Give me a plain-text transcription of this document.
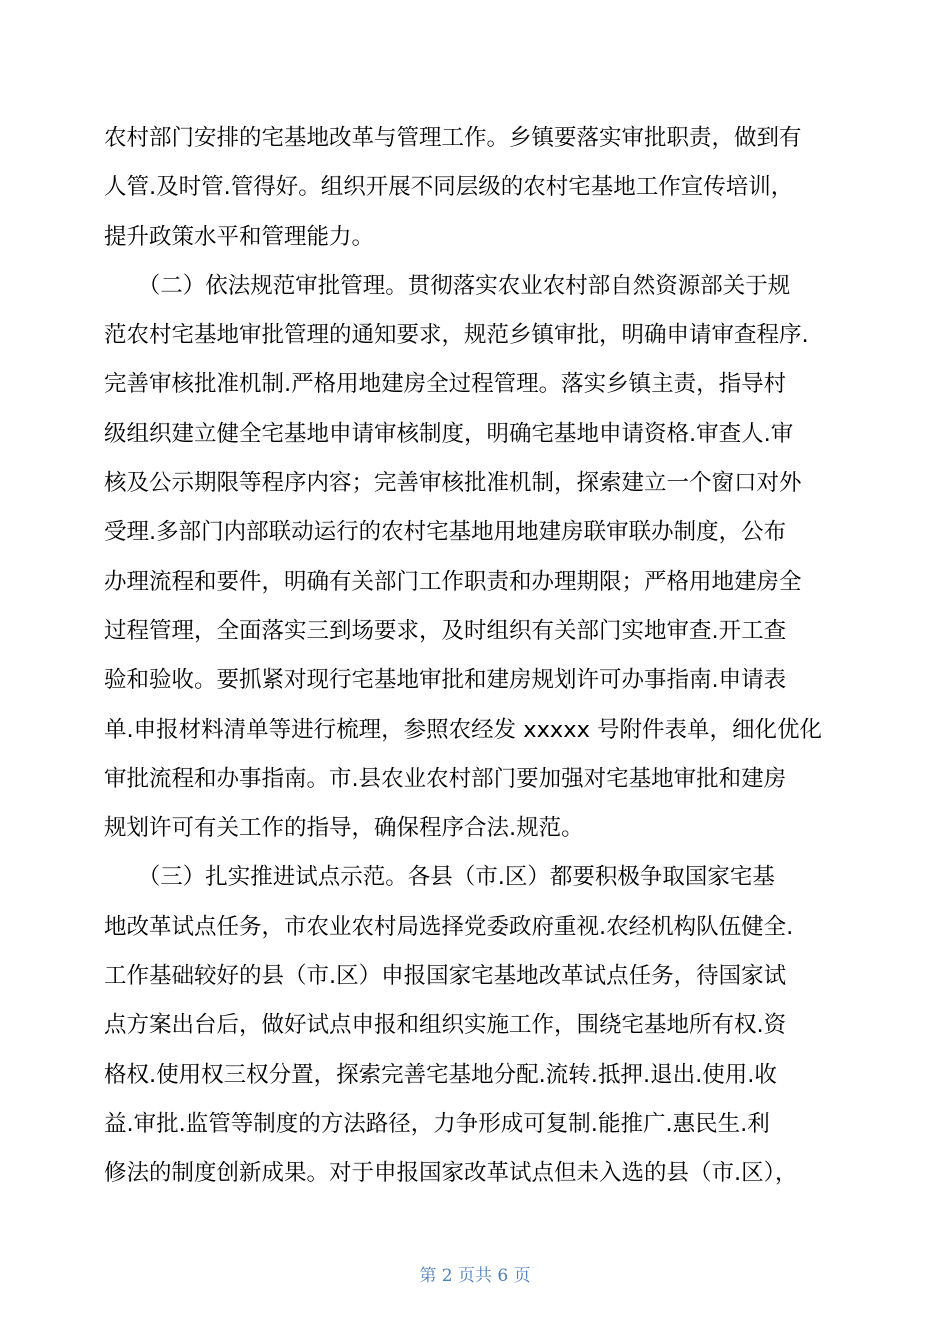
农村部门安排的宅基地改革与管理工作。乡镇要落实审批职责，做到有
人管.及时管.管得好。组织开展不同层级的农村宅基地工作宣传培训，
提升政策水平和管理能力。
　　（二）依法规范审批管理。贯彻落实农业农村部自然资源部关于规
范农村宅基地审批管理的通知要求，规范乡镇审批，明确申请审查程序.
完善审核批准机制.严格用地建房全过程管理。落实乡镇主责，指导村
级组织建立健全宅基地申请审核制度，明确宅基地申请资格.审查人.审
核及公示期限等程序内容；完善审核批准机制，探索建立一个窗口对外
受理.多部门内部联动运行的农村宅基地用地建房联审联办制度，公布
办理流程和要件，明确有关部门工作职责和办理期限；严格用地建房全
过程管理，全面落实三到场要求，及时组织有关部门实地审查.开工查
验和验收。要抓紧对现行宅基地审批和建房规划许可办事指南.申请表
单.申报材料清单等进行梳理，参照农经发 xxxxx 号附件表单，细化优化
审批流程和办事指南。市.县农业农村部门要加强对宅基地审批和建房
规划许可有关工作的指导，确保程序合法.规范。
　　（三）扎实推进试点示范。各县（市.区）都要积极争取国家宅基
地改革试点任务，市农业农村局选择党委政府重视.农经机构队伍健全.
工作基础较好的县（市.区）申报国家宅基地改革试点任务，待国家试
点方案出台后，做好试点申报和组织实施工作，围绕宅基地所有权.资
格权.使用权三权分置，探索完善宅基地分配.流转.抵押.退出.使用.收
益.审批.监管等制度的方法路径，力争形成可复制.能推广.惠民生.利
修法的制度创新成果。对于申报国家改革试点但未入选的县（市.区），
第 2 页共 6 页
